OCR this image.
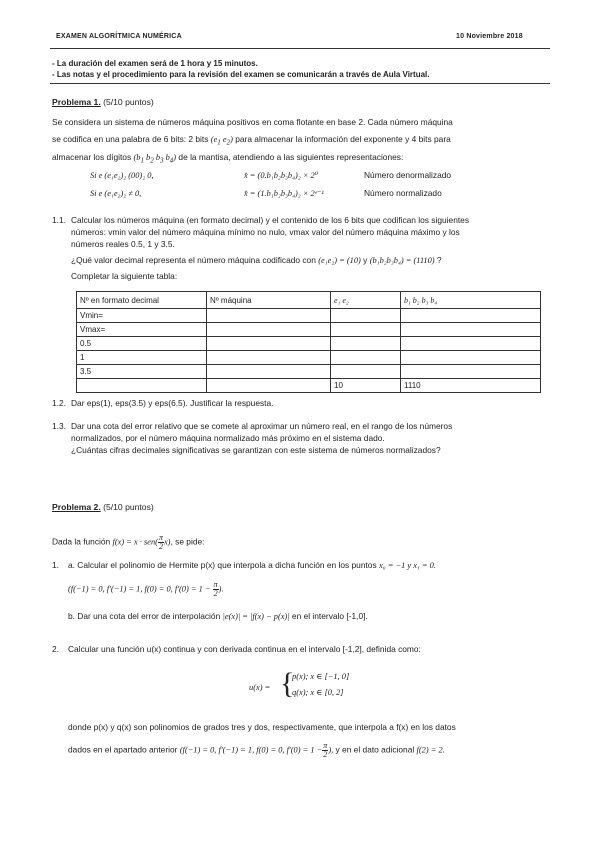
EXAMEN ALGORÍTMICA NUMÉRICA	10 Noviembre 2018
- La duración del examen será de 1 hora y 15 minutos.
- Las notas y el procedimiento para la revisión del examen se comunicarán a través de Aula Virtual.
Problema 1. (5/10 puntos)
Se considera un sistema de números máquina positivos en coma flotante en base 2. Cada número máquina
se codifica en una palabra de 6 bits: 2 bits ($e_1$ $e_2$) para almacenar la información del exponente y 4 bits para
almacenar los dígitos ($b_1$ $b_2$ $b_3$ $b_4$) de la mantisa, atendiendo a las siguientes representaciones:
Si e (e₁e₂)₂ (00)₂ 0,	x̂ = (0.b₁b₂b₃b₄)₂ × 2⁰	Número denormalizado
Si e (e₁e₂)₂ ≠ 0,	x̂ = (1.b₁b₂b₃b₄)₂ × 2ᵉ⁻¹	Número normalizado
1.1. Calcular los números máquina (en formato decimal) y el contenido de los 6 bits que codifican los siguientes
números: vmin valor del número máquina mínimo no nulo, vmax valor del número máquina máximo y los
números reales 0.5, 1 y 3.5.
¿Qué valor decimal representa el número máquina codificado con (e₁e₂) = (10) y (b₁b₂b₃b₄) = (1110) ?
Completar la siguiente tabla:
Nº en formato decimal	Nº máquina	e₁ e₂	b₁ b₂ b₃ b₄
Vmin=			
Vmax=			
0.5			
1			
3.5			
		10	1110
1.2. Dar eps(1), eps(3.5) y eps(6.5). Justificar la respuesta.
1.3. Dar una cota del error relativo que se comete al aproximar un número real, en el rango de los números
normalizados, por el número máquina normalizado más próximo en el sistema dado.
¿Cuántas cifras decimales significativas se garantizan con este sistema de números normalizados?
Problema 2. (5/10 puntos)
Dada la función $f(x) = x \cdot sen( \frac{\pi}{2} x)$, se pide:
1. a. Calcular el polinomio de Hermite p(x) que interpola a dicha función en los puntos x₀ = −1 y x₁ = 0.
(f(−1) = 0, f′(−1) = 1, f(0) = 0, $f'(0) = 1 - \frac{\pi}{2}$ ).
b. Dar una cota del error de interpolación |e(x)| = |f(x) − p(x)| en el intervalo [-1,0].
2. Calcular una función u(x) continua y con derivada continua en el intervalo [-1,2], definida como:
u(x) = {
p(x); x ∈ [−1, 0]
q(x); x ∈ [0, 2]
donde p(x) y q(x) son polinomios de grados tres y dos, respectivamente, que interpola a f(x) en los datos
dados en el apartado anterior (f(−1) = 0, f′(−1) = 1, f(0) = 0, $f'(0) = 1 - \frac{\pi}{2}$ ), y en el dato adicional f(2) = 2.
